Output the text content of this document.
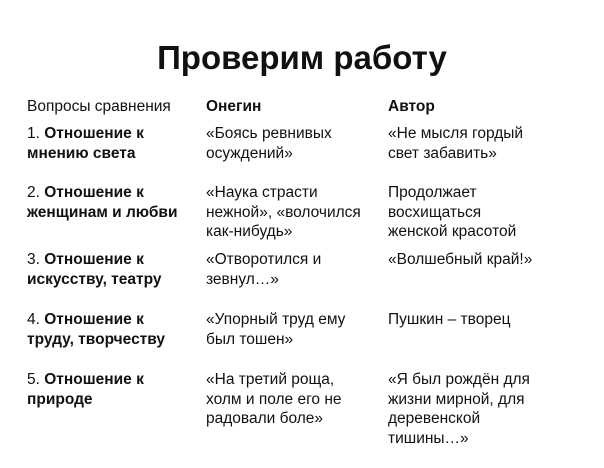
Проверим работу
Вопросы сравнения Онегин	Автор
1. Отношение к
мнению света
«Боясь ревнивых
осуждений»
«Не мысля гордый
свет забавить»
2. Отношение к
женщинам и любви
«Наука страсти
нежной», «волочился
как-нибудь»
Продолжает
восхищаться
женской красотой
3. Отношение к
искусству, театру
«Отворотился и
зевнул…»
«Волшебный край!»
4. Отношение к
труду, творчеству
«Упорный труд ему
был тошен»
Пушкин – творец
5. Отношение к
природе
«На третий роща,
холм и поле его не
радовали боле»
«Я был рождён для
жизни мирной, для
деревенской
тишины…»
